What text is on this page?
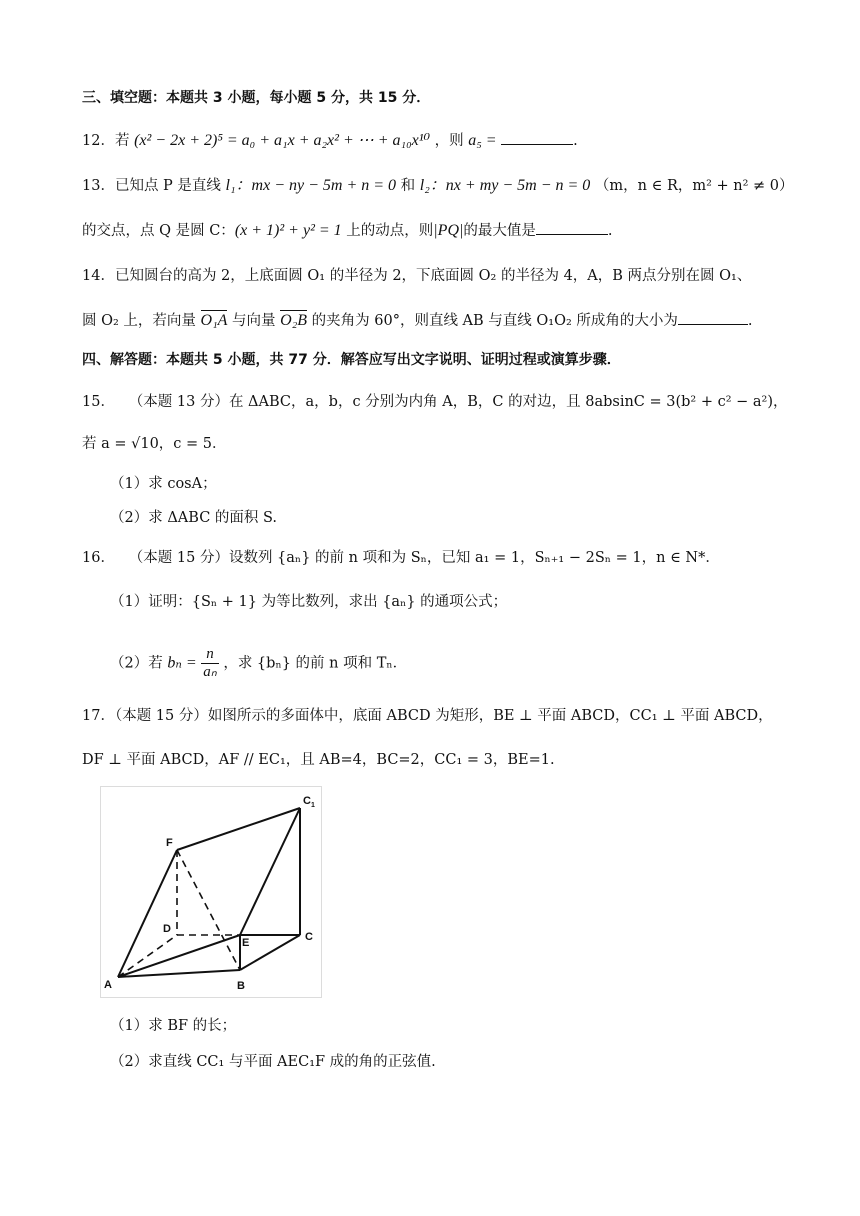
三、填空题：本题共 3 小题，每小题 5 分，共 15 分．
12．若 (x² − 2x + 2)⁵ = a₀ + a₁x + a₂x² + ⋯ + a₁₀x¹⁰ ，则 a₅ =	.
13．已知点 P 是直线 l₁：mx − ny − 5m + n = 0 和 l₂：nx + my − 5m − n = 0 （m，n ∈ R，m² + n² ≠ 0）
的交点，点 Q 是圆 C：(x + 1)² + y² = 1 上的动点，则|PQ|的最大值是	.
14．已知圆台的高为 2，上底面圆 O₁ 的半径为 2，下底面圆 O₂ 的半径为 4，A，B 两点分别在圆 O₁、
圆 O₂ 上，若向量 O₁A 与向量 O₂B 的夹角为 60°，则直线 AB 与直线 O₁O₂ 所成角的大小为	.
四、解答题：本题共 5 小题，共 77 分．解答应写出文字说明、证明过程或演算步骤．
15． （本题 13 分）在 ΔABC，a，b，c 分别为内角 A，B，C 的对边，且 8absinC = 3(b² + c² − a²)，
若 a = √10，c = 5．
（1）求 cosA；
（2）求 ΔABC 的面积 S.
16． （本题 15 分）设数列 {aₙ} 的前 n 项和为 Sₙ，已知 a₁ = 1，Sₙ₊₁ − 2Sₙ = 1，n ∈ N*．
（1）证明：{Sₙ + 1} 为等比数列，求出 {aₙ} 的通项公式；
（2）若 $b_n = \frac{n}{\text{aₙ}}$ ，求 {bₙ} 的前 n 项和 Tₙ．
17．（本题 15 分）如图所示的多面体中，底面 ABCD 为矩形，BE ⊥ 平面 ABCD，CC₁ ⊥ 平面 ABCD，
DF ⊥ 平面 ABCD，AF // EC₁，且 AB=4，BC=2，CC₁ = 3，BE=1.
F
C 1
D
E	C
A	B
（1）求 BF 的长；
（2）求直线 CC₁ 与平面 AEC₁F 成的角的正弦值.
